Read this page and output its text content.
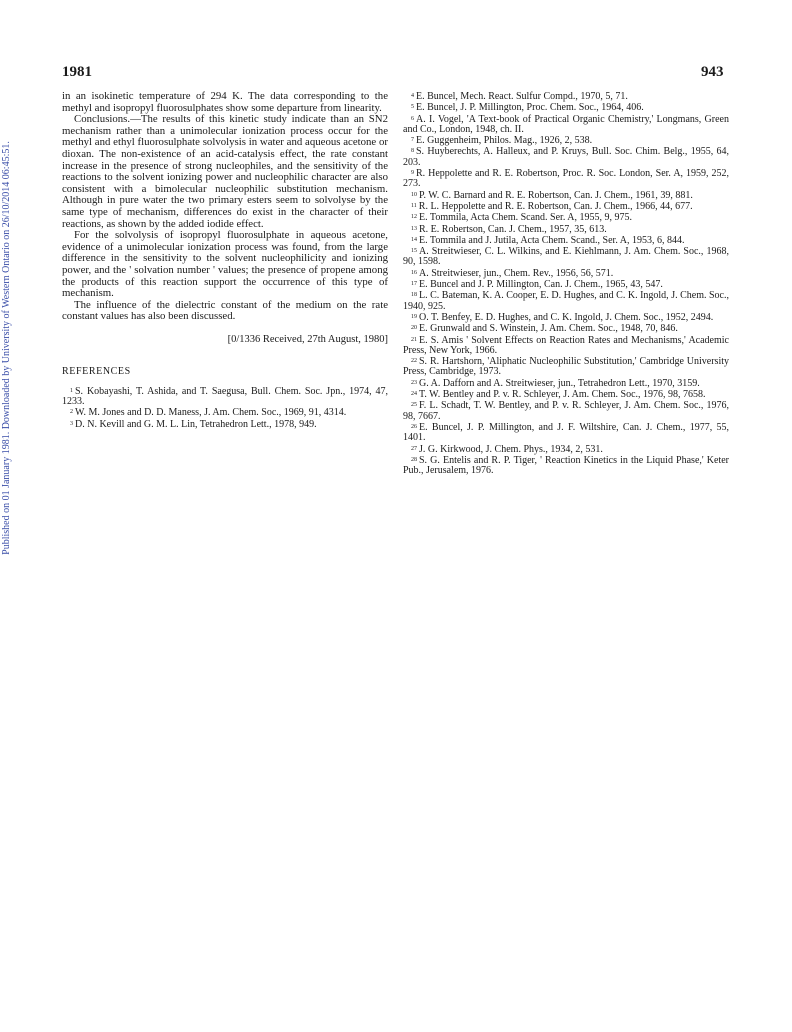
1981	943
Published on 01 January 1981. Downloaded by University of Western Ontario on 26/10/2014 06:45:51.

in an isokinetic temperature of 294 K. The data corresponding to the methyl and isopropyl fluorosulphates show some departure from linearity.

Conclusions.—The results of this kinetic study indicate than an SN2 mechanism rather than a unimolecular ionization process occur for the methyl and ethyl fluorosulphate solvolysis in water and aqueous acetone or dioxan. The non-existence of an acid-catalysis effect, the rate constant increase in the presence of strong nucleophiles, and the sensitivity of the reactions to the solvent ionizing power and nucleophilic character are also consistent with a bimolecular nucleophilic substitution mechanism. Although in pure water the two primary esters seem to solvolyse by the same type of mechanism, differences do exist in the character of their reactions, as shown by the added iodide effect.

For the solvolysis of isopropyl fluorosulphate in aqueous acetone, evidence of a unimolecular ionization process was found, from the large difference in the sensitivity to the solvent nucleophilicity and ionizing power, and the ' solvation number ' values; the presence of propene among the products of this reaction support the occurrence of this type of mechanism.

The influence of the dielectric constant of the medium on the rate constant values has also been discussed.

[0/1336 Received, 27th August, 1980]

REFERENCES

$^1$ S. Kobayashi, T. Ashida, and T. Saegusa, Bull. Chem. Soc. Jpn., 1974, 47, 1233.

$^2$ W. M. Jones and D. D. Maness, J. Am. Chem. Soc., 1969, 91, 4314.

$^3$ D. N. Kevill and G. M. L. Lin, Tetrahedron Lett., 1978, 949.

$^4$ E. Buncel, Mech. React. Sulfur Compd., 1970, 5, 71.

$^5$ E. Buncel, J. P. Millington, Proc. Chem. Soc., 1964, 406.

$^6$ A. I. Vogel, 'A Text-book of Practical Organic Chemistry,' Longmans, Green and Co., London, 1948, ch. II.

$^7$ E. Guggenheim, Philos. Mag., 1926, 2, 538.

$^8$ S. Huyberechts, A. Halleux, and P. Kruys, Bull. Soc. Chim. Belg., 1955, 64, 203.

$^9$ R. Heppolette and R. E. Robertson, Proc. R. Soc. London, Ser. A, 1959, 252, 273.

$^{10}$ P. W. C. Barnard and R. E. Robertson, Can. J. Chem., 1961, 39, 881.

$^{11}$ R. L. Heppolette and R. E. Robertson, Can. J. Chem., 1966, 44, 677.

$^{12}$ E. Tommila, Acta Chem. Scand. Ser. A, 1955, 9, 975.

$^{13}$ R. E. Robertson, Can. J. Chem., 1957, 35, 613.

$^{14}$ E. Tommila and J. Jutila, Acta Chem. Scand., Ser. A, 1953, 6, 844.

$^{15}$ A. Streitwieser, C. L. Wilkins, and E. Kiehlmann, J. Am. Chem. Soc., 1968, 90, 1598.

$^{16}$ A. Streitwieser, jun., Chem. Rev., 1956, 56, 571.

$^{17}$ E. Buncel and J. P. Millington, Can. J. Chem., 1965, 43, 547.

$^{18}$ L. C. Bateman, K. A. Cooper, E. D. Hughes, and C. K. Ingold, J. Chem. Soc., 1940, 925.

$^{19}$ O. T. Benfey, E. D. Hughes, and C. K. Ingold, J. Chem. Soc., 1952, 2494.

$^{20}$ E. Grunwald and S. Winstein, J. Am. Chem. Soc., 1948, 70, 846.

$^{21}$ E. S. Amis ' Solvent Effects on Reaction Rates and Mechanisms,' Academic Press, New York, 1966.

$^{22}$ S. R. Hartshorn, 'Aliphatic Nucleophilic Substitution,' Cambridge University Press, Cambridge, 1973.

$^{23}$ G. A. Dafforn and A. Streitwieser, jun., Tetrahedron Lett., 1970, 3159.

$^{24}$ T. W. Bentley and P. v. R. Schleyer, J. Am. Chem. Soc., 1976, 98, 7658.

$^{25}$ F. L. Schadt, T. W. Bentley, and P. v. R. Schleyer, J. Am. Chem. Soc., 1976, 98, 7667.

$^{26}$ E. Buncel, J. P. Millington, and J. F. Wiltshire, Can. J. Chem., 1977, 55, 1401.

$^{27}$ J. G. Kirkwood, J. Chem. Phys., 1934, 2, 531.

$^{28}$ S. G. Entelis and R. P. Tiger, ' Reaction Kinetics in the Liquid Phase,' Keter Pub., Jerusalem, 1976.
